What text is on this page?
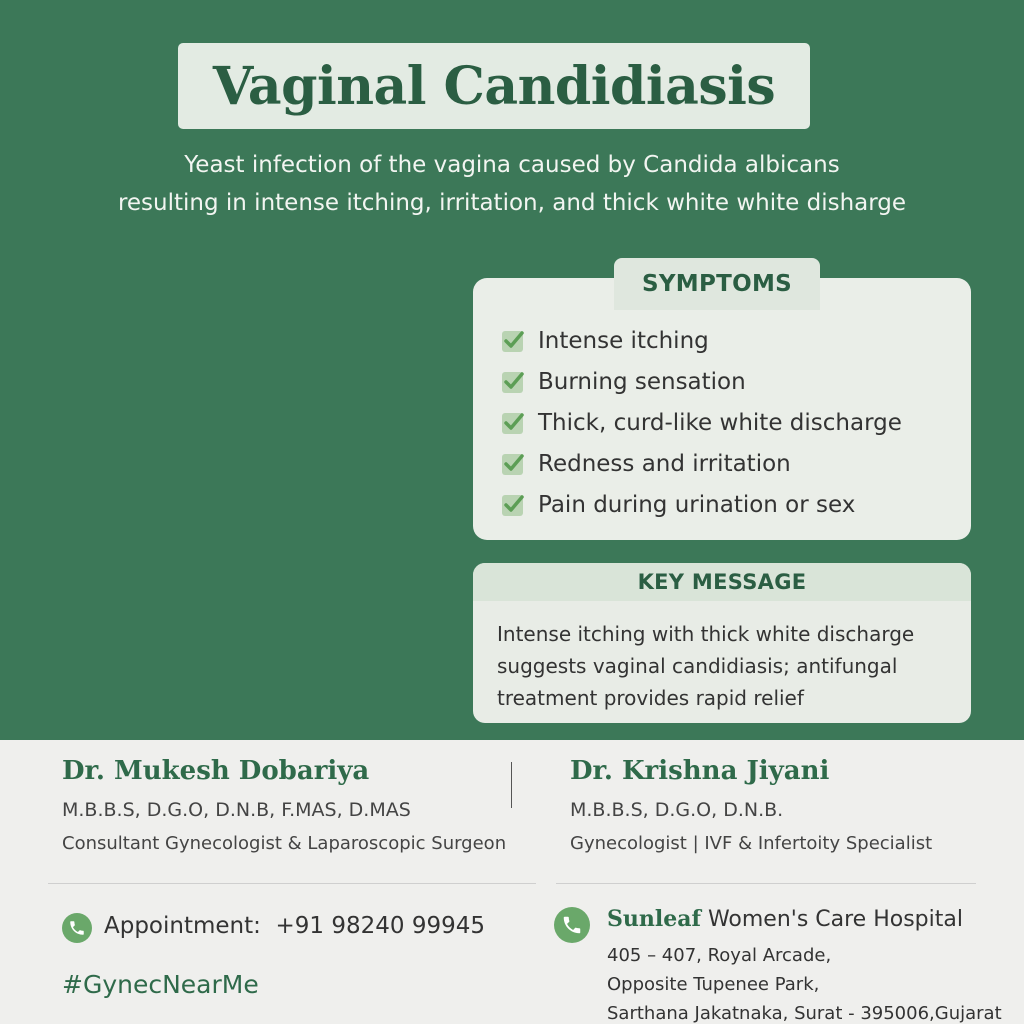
Vaginal Candidiasis
Yeast infection of the vagina caused by Candida albicans
resulting in intense itching, irritation, and thick white white disharge
SYMPTOMS
Intense itching
Burning sensation
Thick, curd-like white discharge
Redness and irritation
Pain during urination or sex
KEY MESSAGE
Intense itching with thick white discharge
suggests vaginal candidiasis; antifungal
treatment provides rapid relief
Dr. Mukesh Dobariya
M.B.B.S, D.G.O, D.N.B, F.MAS, D.MAS
Consultant Gynecologist & Laparoscopic Surgeon
Dr. Krishna Jiyani
M.B.B.S, D.G.O, D.N.B.
Gynecologist | IVF & Infertoity Specialist
Appointment: +91 98240 99945
#GynecNearMe
Sunleaf Women's Care Hospital
405 – 407, Royal Arcade,
Opposite Tupenee Park,
Sarthana Jakatnaka, Surat - 395006,Gujarat
